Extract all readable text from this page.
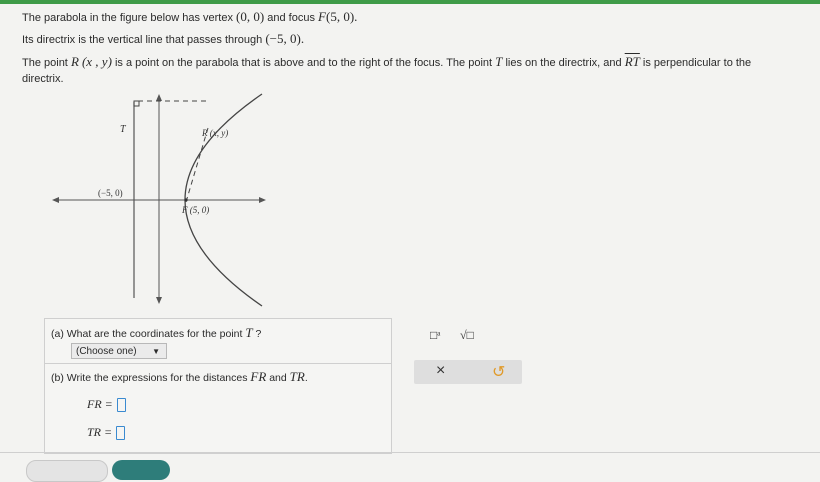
The parabola in the figure below has vertex (0, 0) and focus F(5, 0).
Its directrix is the vertical line that passes through (−5, 0).
The point R (x , y) is a point on the parabola that is above and to the right of the focus. The point T lies on the directrix, and $\overline{RT}$ is perpendicular to the
directrix.
T	R (x, y)
(−5, 0)
F (5, 0)
(a) What are the coordinates for the point T ?
(Choose one) ▼
(b) Write the expressions for the distances FR and TR.
FR =
TR =
□ᵃ √□
×	↺
